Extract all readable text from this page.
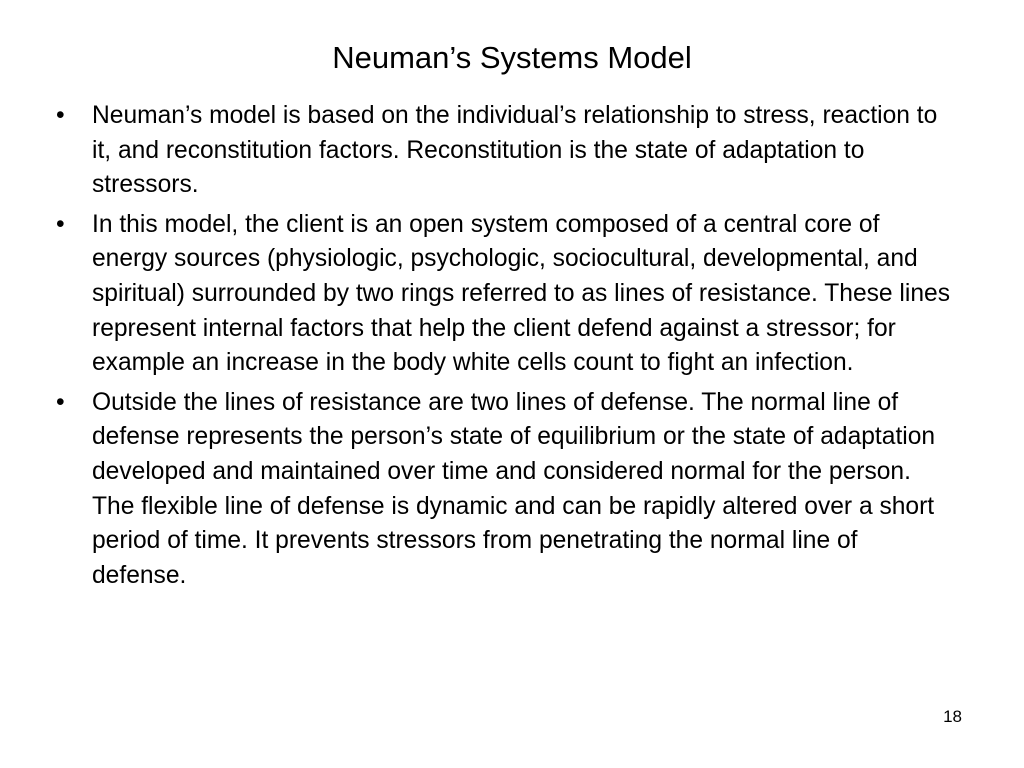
Neuman’s Systems Model
•	Neuman’s model is based on the individual’s relationship to stress, reaction to it, and reconstitution factors. Reconstitution is the state of adaptation to stressors.
•	In this model, the client is an open system composed of a central core of energy sources (physiologic, psychologic, sociocultural, developmental, and spiritual) surrounded by two rings referred to as lines of resistance. These lines represent internal factors that help the client defend against a stressor; for example an increase in the body white cells count to fight an infection.
•	Outside the lines of resistance are two lines of defense. The normal line of defense represents the person’s state of equilibrium or the state of adaptation developed and maintained over time and considered normal for the person. The flexible line of defense is dynamic and can be rapidly altered over a short period of time. It prevents stressors from penetrating the normal line of defense.
18
